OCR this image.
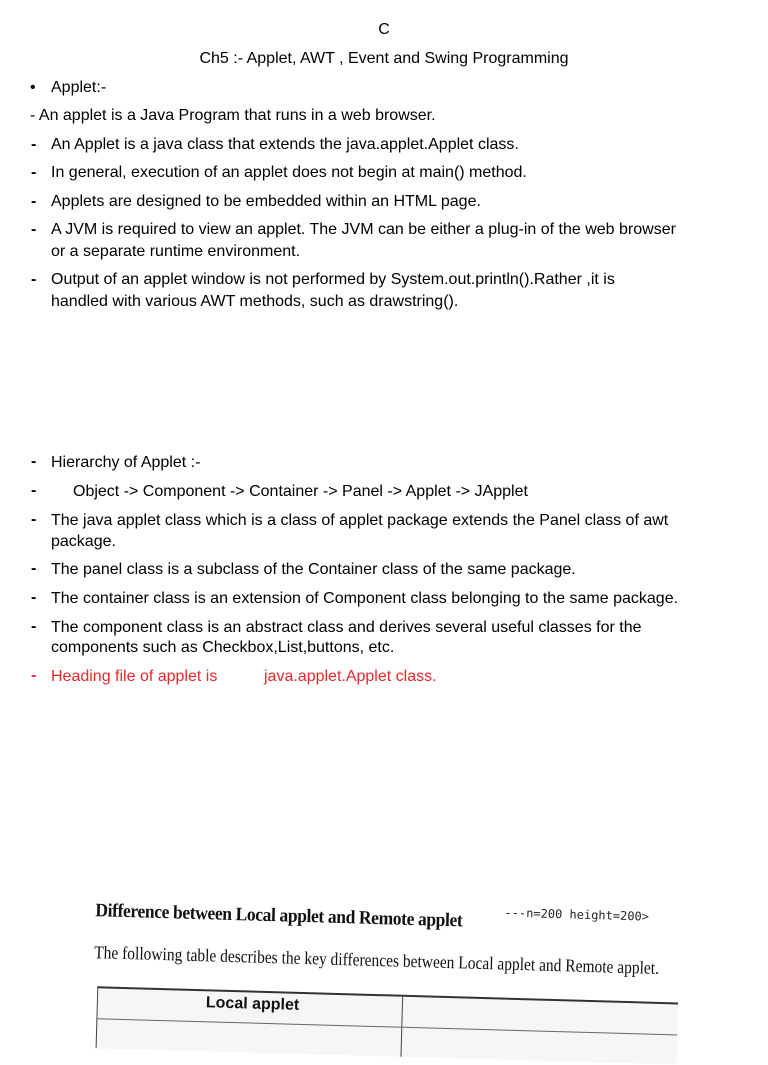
C
Ch5 :- Applet, AWT , Event and Swing Programming
• Applet:-
- An applet is a Java Program that runs in a web browser.
- An Applet is a java class that extends the java.applet.Applet class.
- In general, execution of an applet does not begin at main() method.
- Applets are designed to be embedded within an HTML page.
- A JVM is required to view an applet. The JVM can be either a plug-in of the web browser
or a separate runtime environment.
- Output of an applet window is not performed by System.out.println().Rather ,it is
handled with various AWT methods, such as drawstring().
- Hierarchy of Applet :-
- Object -> Component -> Container -> Panel -> Applet -> JApplet
- The java applet class which is a class of applet package extends the Panel class of awt
package.
- The panel class is a subclass of the Container class of the same package.
- The container class is an extension of Component class belonging to the same package.
- The component class is an abstract class and derives several useful classes for the
components such as Checkbox,List,buttons, etc.
- Heading file of applet is	java.applet.Applet class.
---n=200 height=200>
Difference between Local applet and Remote applet
The following table describes the key differences between Local applet and Remote applet.
Local applet
